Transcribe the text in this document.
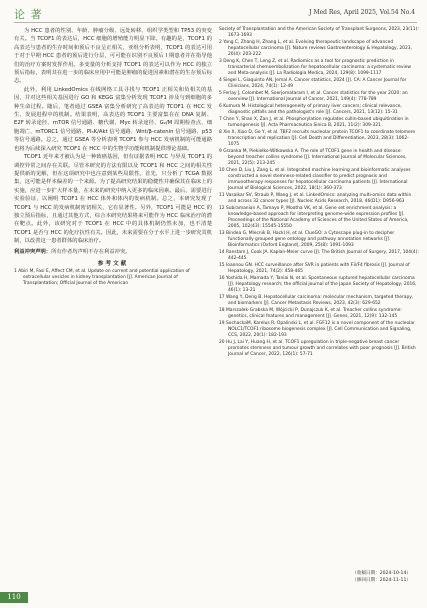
论 著	J Med Res, April 2025, Vol.54 No.4

为 HCC 患者的性别、年龄、肿瘤分级、远处转移、组织学类型和 TP53 的突变有关。当 TCOF1 的表达后，HCC 细胞的增殖能力明显下降。有趣的是，TCOF1 的高表达与患者的生存时间和预后不良呈正相关，亚组分析表明，TCOF1 的表达可用于对于早期 HCC 患者的预后进行分层，可可能在识别不良预后 I 期患者并在指导他们的治疗方案时发挥作用。多变量的分析支持 TCOF1 的表达可以作为 HCC 的独立预后指标，表明其在进一步的临床应用中可能是肿瘤的促进因素和潜在的生存预后标志。

此外，利用 LinkedOmics 在线网络工具寻找与 TCOF1 正相关和负相关的基因，并对这些相关基因进行 GO 和 KEGG 富集分析发现 TCOF1 涉及与到细胞的多种生命过程。随后，笔者通过 GSEA 富集分析研究了高表达的 TCOF1 在 HCC 发生、发展进程中的机制。结果表明，高表达的 TCOF1 主要富集在在 DNA 复制、E2F 转录途径、mTOR 信号通路、糖代谢、Myc 转录途径、G₂/M 周期检查点、细胞凋亡、mTORC1 信号通路、PI₃K/Akt 信号通路、Wnt/β-catenin 信号通路、p53 等信号通路。总之，通过 GSEA 等分析表明 TCOF1 参与 HCC 发病机制的可能通路也将为后续深入研究 TCOF1 在 HCC 中的生物学功能和机制提供理论基础。

TCOF1 近年来才被认为是一种致癌基因，但有证据表明 HCC 与异及 TCOF1 的调控异常之间存在关联。尽管本研究的方法有限以及 TCOF1 和 HCC 之间的相关性提供新的见解，但在这项研究中也注意到某些局限性。首先，只分析了 TCGA 数据集，这可能是样本偏差的一个来源。为了提高研究结果的稳健性并确保其在临床上的实施，应进一步扩大样本量，在未来的研究中纳入更多的临床因素。最后，需要进行实验验证，以阐明 TCOF1 在 HCC 体外和体内的发病机制。总之，本研究发现了 TCOF1 与 HCC 的发病机制密切相关，它有显著性。另外，TCOF1 可能是 HCC 的独立预后指标，且通过其他方式，综合本研究结果将来可能作为 HCC 临床治疗的潜在靶点。此外，该研究对于 TCOF1 在 HCC 中的具体机制仍然未加，也不清楚 TCOF1 是否与 HCC 的化疗抗性有关。因此，未来需要在分子水平上进一步研究其机制，以改善这一患者群体的临床治疗。

利益冲突声明：所有作者均声明不存在利益冲突。
参考文献
1 Abiri M, Fasi E, Affect CM, et al. Update on current and potential application of extracellular vesicles in kidney transplantation [J]. American Journal of Transplantation; Official Journal of the American
Society of Transplantation and the American Society of Transplant Surgeons, 2023, 23(11): 1673-1693
2 Yang C, Zhang H, Zhang L, et al. Evolving therapeutic landscape of advanced hepatocellular carcinoma [J]. Nature reviews Gastroenterology & Hepatology, 2023, 20(4): 203-222
3 Deng K, Chen T, Leng Z, et al. Radiomics as a tool for prognostic prediction in transarterial chemoembolization for hepatocellular carcinoma: a systematic review and Meta-analysis [J]. La Radiologia Medica, 2024, 129(8): 1099-1117
4 Siegel L, Giaquinto AN, Jemal A. Cancer statistics, 2024 [J]. CA: A Cancer Journal for Clinicians, 2024, 74(1): 12-49
5 Ferlay J, Colombet M, Soerjomataram I, et al. Cancer statistics for the year 2020: an overview [J]. International Journal of Cancer, 2021, 149(4): 778-789
6 Kumura M. Histological heterogeneity of primary liver cancers; clinical relevance, diagnostic pitfalls and the pathologist's role [J]. Cancers, 2021, 13(12): 15-31
7 Chen Y, Shan X, Zan J, et al. Phosphorylation regulates cullin-based ubiquitination in tumorigenesis [J]. Acta Pharmaceutica Sinica B, 2021, 11(2): 309-321
8 Xie X, Xiao D, Ge Y, et al. TBF2 recruits nucleolar protein TCOF1 to coordinate telomere transcription and replication [J]. Cell Death and Differentiation, 2023, 28(3): 1062-1075
9 Grzanka M, Piekiełko-Witkowska A. The role of TCOF1 gene in health and disease: beyond treacher collins syndrome [J]. International Journal of Molecular Sciences, 2021, 22(5): 213-245
10 Chen D, Liu J, Zang L, et al. Integrated machine learning and bioinformatic analyses constructed a novel stemness-related classifier to predict prognosis and immunotherapy responses for hepatocellular carcinoma patients [J]. International Journal of Biological Sciences, 2022, 18(1): 360-373
11 Vasaikar SV, Straub P, Wang J, et al. LinkedOmics: analyzing multi-omics data within and across 32 cancer types [J]. Nucleic Acids Research, 2018, 46(D1): D956-963
12 Subramanian A, Tamayo P, Mootha VK, et al. Gene set enrichment analysis: a knowledge-based approach for interpreting genome-wide expression profiles [J]. Proceedings of the National Academy of Sciences of the United States of America, 2005, 102(43): 15545-15550
13 Bindea G, Mlecnik B, Hackl H, et al. ClueGO: a Cytoscape plug-in to decipher functionally grouped gene ontology and pathway annotation networks [J]. Bioinformatics (Oxford England), 2009, 25(8): 1091-1093
14 Ranstam J, Cook JA. Kaplan-Meier curve [J]. The British Journal of Surgery, 2017, 104(4): 442-445
15 Ioannou GN. HCC surveillance after SVR in patients with F3/F4 fibrosis [J]. Journal of Hepatology, 2021, 74(2): 458-465
16 Yoshida H, Mamada Y, Taniai N, et al. Spontaneous ruptured hepatocellular carcinoma [J]. Hepatology research; the official journal of the Japan Society of Hepatology, 2016, 46(1): 13-21
17 Wang Y, Deng B. Hepatocellular carcinoma: molecular mechanism, targeted therapy, and biomarkers [J]. Cancer Metastasis Reviews, 2023, 42(3): 629-652
18 Marszałek-Grabska M, Wójcicki P, Dunajczuk K, et al. Treacher collins syndrome: genetics, clinical features and management [J]. Genes, 2021, 12(9): 132-145
19 SochackaM, Karelus R, Opalinski L, et al. FGF12 is a novel component of the nucleolar NOLC1/TCOF1 ribosome biogenesis complex [J]. Cell Communication and Signaling, CCS, 2022, 20(1): 182-193
20 Hu J, Lai Y, Huang H, et al. TCOF1 upregulation in triple-negative breast cancer promotes stemness and tumour growth and correlates with poor prognosis [J]. British Journal of Cancer, 2022, 126(1): 57-71
（收稿日期：2024-10-14）
（修回日期：2024-11-11）
110
